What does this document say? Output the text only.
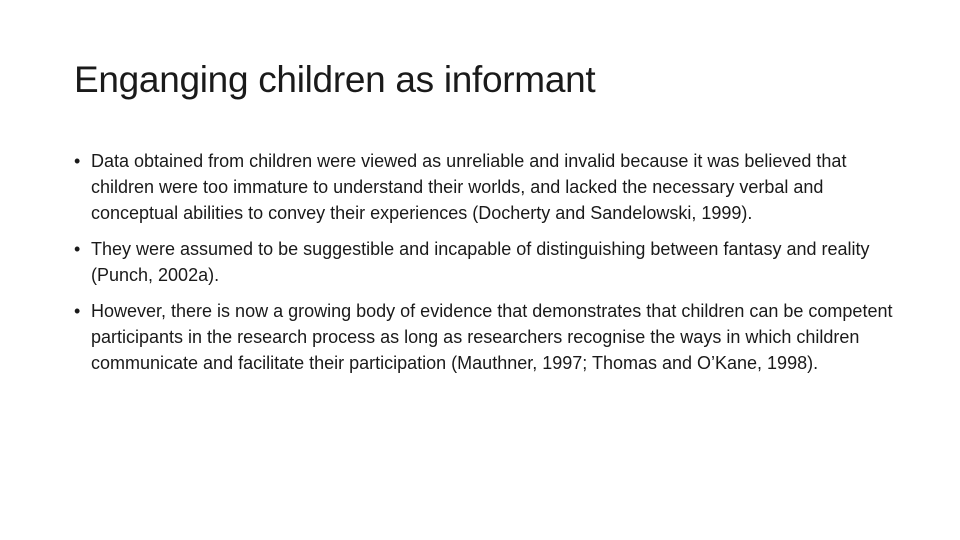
Enganging children as informant
• Data obtained from children were viewed as unreliable and invalid because it was believed that children were too immature to understand their worlds, and lacked the necessary verbal and conceptual abilities to convey their experiences (Docherty and Sandelowski, 1999).
• They were assumed to be suggestible and incapable of distinguishing between fantasy and reality (Punch, 2002a).
• However, there is now a growing body of evidence that demonstrates that children can be competent participants in the research process as long as researchers recognise the ways in which children communicate and facilitate their participation (Mauthner, 1997; Thomas and O’Kane, 1998).
